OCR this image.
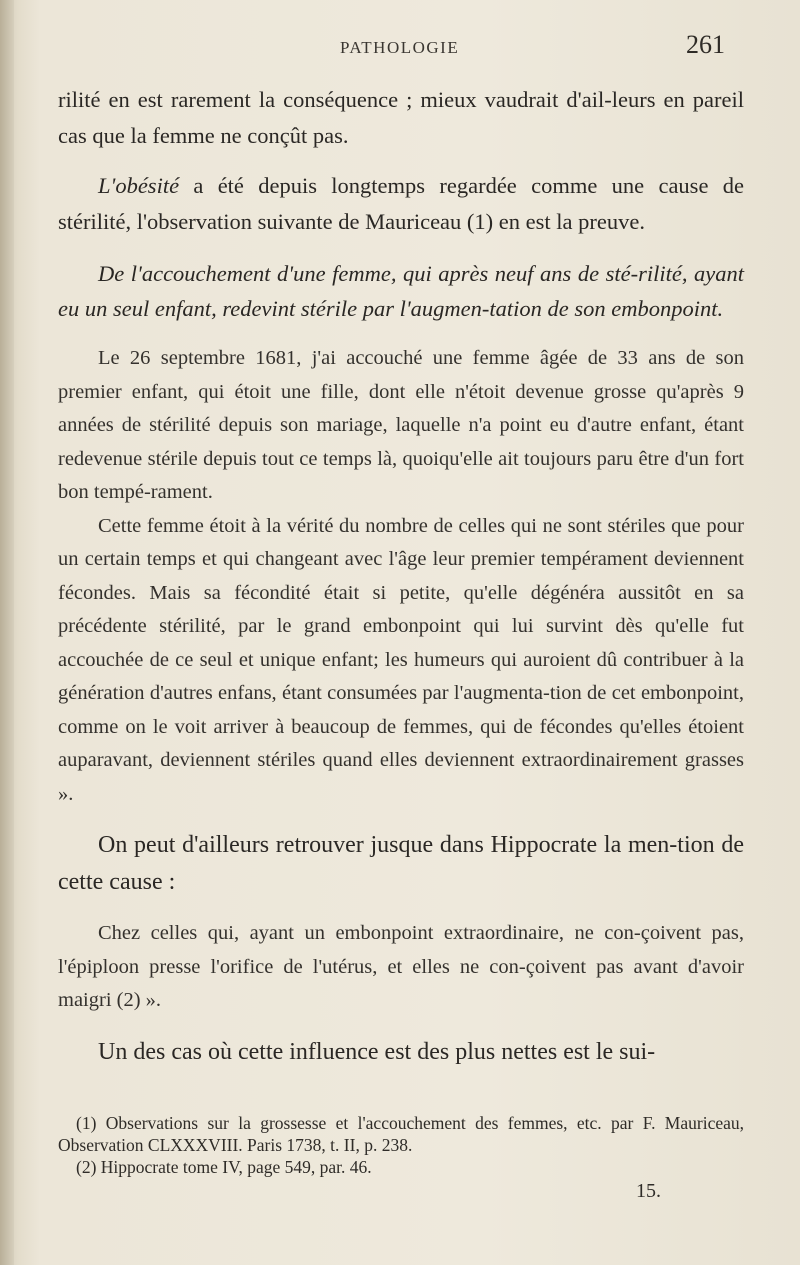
PATHOLOGIE	261

rilité en est rarement la conséquence ; mieux vaudrait d'ail-leurs en pareil cas que la femme ne conçût pas.

L'obésité a été depuis longtemps regardée comme une cause de stérilité, l'observation suivante de Mauriceau (1) en est la preuve.

De l'accouchement d'une femme, qui après neuf ans de sté-rilité, ayant eu un seul enfant, redevint stérile par l'augmen-tation de son embonpoint.

Le 26 septembre 1681, j'ai accouché une femme âgée de 33 ans de son premier enfant, qui étoit une fille, dont elle n'étoit devenue grosse qu'après 9 années de stérilité depuis son mariage, laquelle n'a point eu d'autre enfant, étant redevenue stérile depuis tout ce temps là, quoiqu'elle ait toujours paru être d'un fort bon tempé-rament.

Cette femme étoit à la vérité du nombre de celles qui ne sont stériles que pour un certain temps et qui changeant avec l'âge leur premier tempérament deviennent fécondes. Mais sa fécondité était si petite, qu'elle dégénéra aussitôt en sa précédente stérilité, par le grand embonpoint qui lui survint dès qu'elle fut accouchée de ce seul et unique enfant; les humeurs qui auroient dû contribuer à la génération d'autres enfans, étant consumées par l'augmenta-tion de cet embonpoint, comme on le voit arriver à beaucoup de femmes, qui de fécondes qu'elles étoient auparavant, deviennent stériles quand elles deviennent extraordinairement grasses ».

On peut d'ailleurs retrouver jusque dans Hippocrate la men-tion de cette cause :

Chez celles qui, ayant un embonpoint extraordinaire, ne con-çoivent pas, l'épiploon presse l'orifice de l'utérus, et elles ne con-çoivent pas avant d'avoir maigri (2) ».

Un des cas où cette influence est des plus nettes est le sui-

(1) Observations sur la grossesse et l'accouchement des femmes, etc. par F. Mauriceau, Observation CLXXXVIII. Paris 1738, t. II, p. 238.

(2) Hippocrate tome IV, page 549, par. 46.

15.
